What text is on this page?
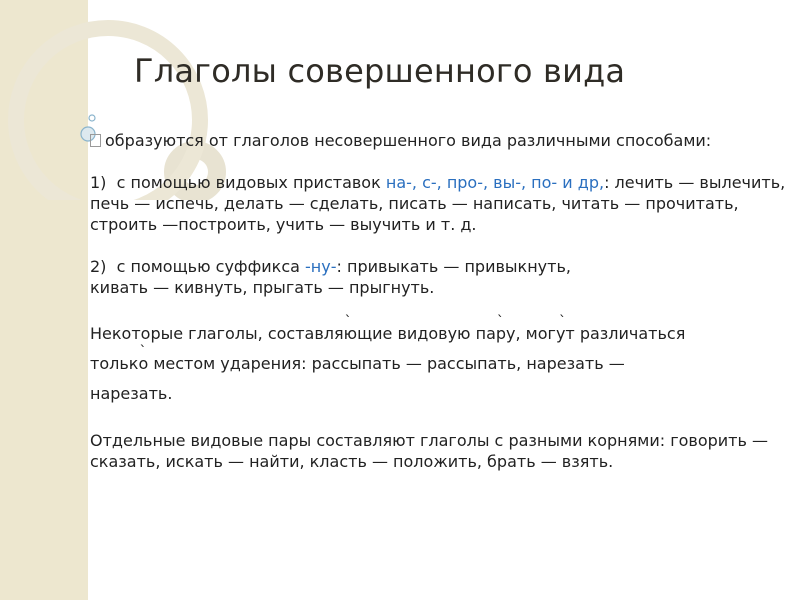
Глаголы совершенного вида

образуются от глаголов несовершенного вида различными способами:

1) с помощью видовых приставок на-, с-, про-, вы-, по- и др,: лечить — вылечить, печь — испечь, делать — сделать, писать — написать, читать — прочитать, строить —построить, учить — выучить и т. д.

2) с помощью суффикса -ну-: привыкать — привыкнуть,
кивать — кивнуть, прыгать — прыгнуть.

Некоторые глаголы, составляю ˋщие видовую пар ˋу, могу ˋт различаться
только ˋ местом ударения: рассыпать — рассыпать, нарезать —
нарезать.

Отдельные видовые пары составляют глаголы с разными корнями: говорить — сказать, искать — найти, класть — положить, брать — взять.
